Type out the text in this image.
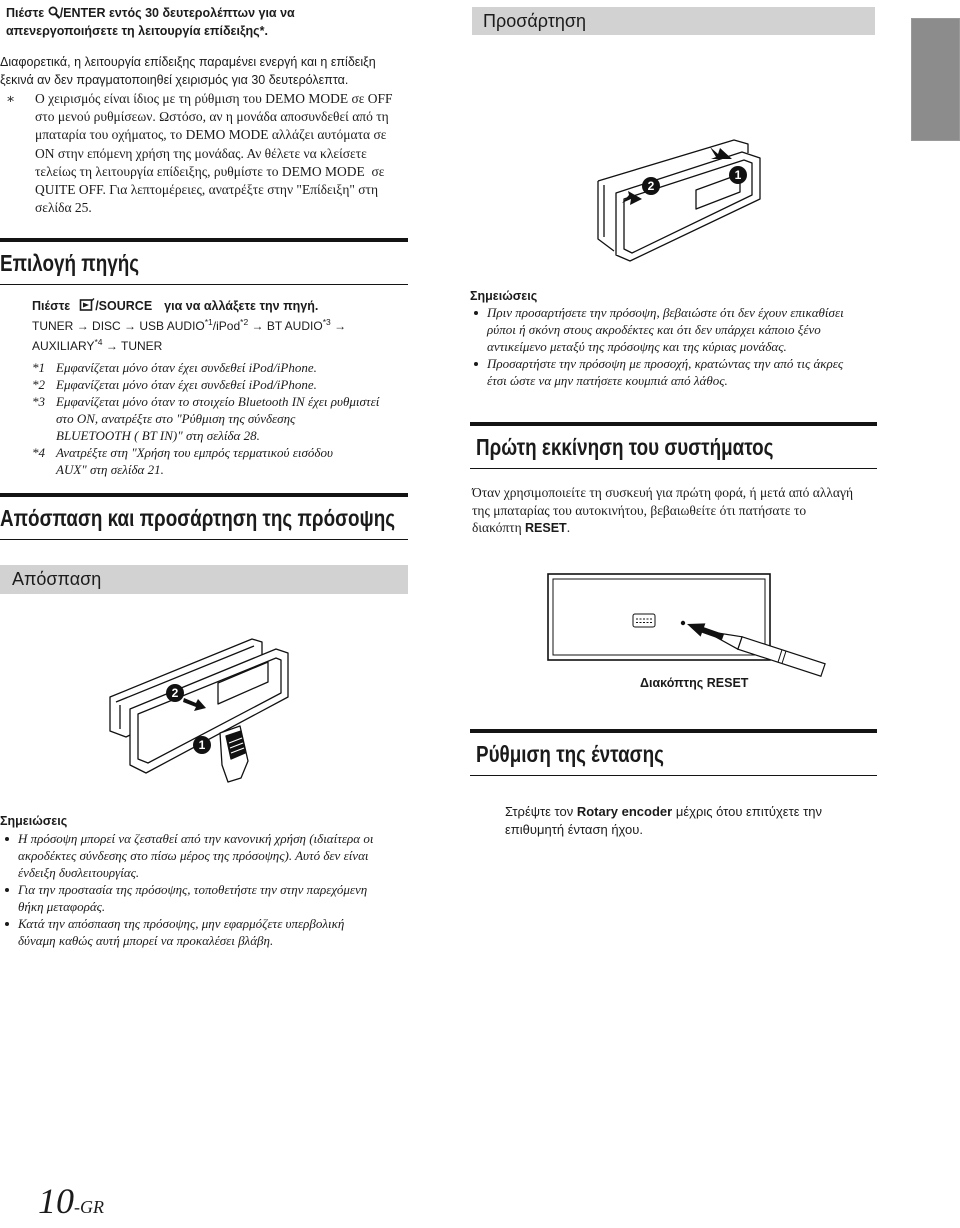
Πιέστε /ENTER εντός 30 δευτερολέπτων για να
απενεργοποιήσετε τη λειτουργία επίδειξης*.
Διαφορετικά, η λειτουργία επίδειξης παραμένει ενεργή και η επίδειξη
ξεκινά αν δεν πραγματοποιηθεί χειρισμός για 30 δευτερόλεπτα.
∗ Ο χειρισμός είναι ίδιος με τη ρύθμιση του DEMO MODE σε OFF
στο μενού ρυθμίσεων. Ωστόσο, αν η μονάδα αποσυνδεθεί από τη
μπαταρία του οχήματος, το DEMO MODE αλλάζει αυτόματα σε
ON στην επόμενη χρήση της μονάδας. Αν θέλετε να κλείσετε
τελείως τη λειτουργία επίδειξης, ρυθμίστε το DEMO MODE  σε
QUITE OFF. Για λεπτομέρειες, ανατρέξτε στην "Επίδειξη" στη
σελίδα 25.
Επιλογή πηγής
Πιέστε /SOURCE για να αλλάξετε την πηγή.
TUNER → DISC → USB $AUDIO^{*1}/iPod^{*2}$ → BT $AUDIO^{*3}$ →
$AUXILIARY^{*4}$ → TUNER
*1 Εμφανίζεται μόνο όταν έχει συνδεθεί iPod/iPhone.
*2 Εμφανίζεται μόνο όταν έχει συνδεθεί iPod/iPhone.
*3 Εμφανίζεται μόνο όταν το στοιχείο Bluetooth IN έχει ρυθμιστεί
στο ON, ανατρέξτε στο "Ρύθμιση της σύνδεσης
BLUETOOTH ( BT IN)" στη σελίδα 28.
*4 Ανατρέξτε στη "Χρήση του εμπρός τερματικού εισόδου
AUX" στη σελίδα 21.
Απόσπαση και προσάρτηση της πρόσοψης
Απόσπαση
2
1
Σημειώσεις
Η πρόσοψη μπορεί να ζεσταθεί από την κανονική χρήση (ιδιαίτερα οι
ακροδέκτες σύνδεσης στο πίσω μέρος της πρόσοψης). Αυτό δεν είναι
ένδειξη δυσλειτουργίας.
Για την προστασία της πρόσοψης, τοποθετήστε την στην παρεχόμενη
θήκη μεταφοράς.
Κατά την απόσπαση της πρόσοψης, μην εφαρμόζετε υπερβολική
δύναμη καθώς αυτή μπορεί να προκαλέσει βλάβη.
10-GR
Προσάρτηση
2
1
Σημειώσεις
Πριν προσαρτήσετε την πρόσοψη, βεβαιώστε ότι δεν έχουν επικαθίσει
ρύποι ή σκόνη στους ακροδέκτες και ότι δεν υπάρχει κάποιο ξένο
αντικείμενο μεταξύ της πρόσοψης και της κύριας μονάδας.
Προσαρτήστε την πρόσοψη με προσοχή, κρατώντας την από τις άκρες
έτσι ώστε να μην πατήσετε κουμπιά από λάθος.
Πρώτη εκκίνηση του συστήματος
Όταν χρησιμοποιείτε τη συσκευή για πρώτη φορά, ή μετά από αλλαγή
της μπαταρίας του αυτοκινήτου, βεβαιωθείτε ότι πατήσατε το
διακόπτη RESET.
Διακόπτης RESET
Ρύθμιση της έντασης
Στρέψτε τον Rotary encoder μέχρις ότου επιτύχετε την
επιθυμητή ένταση ήχου.
